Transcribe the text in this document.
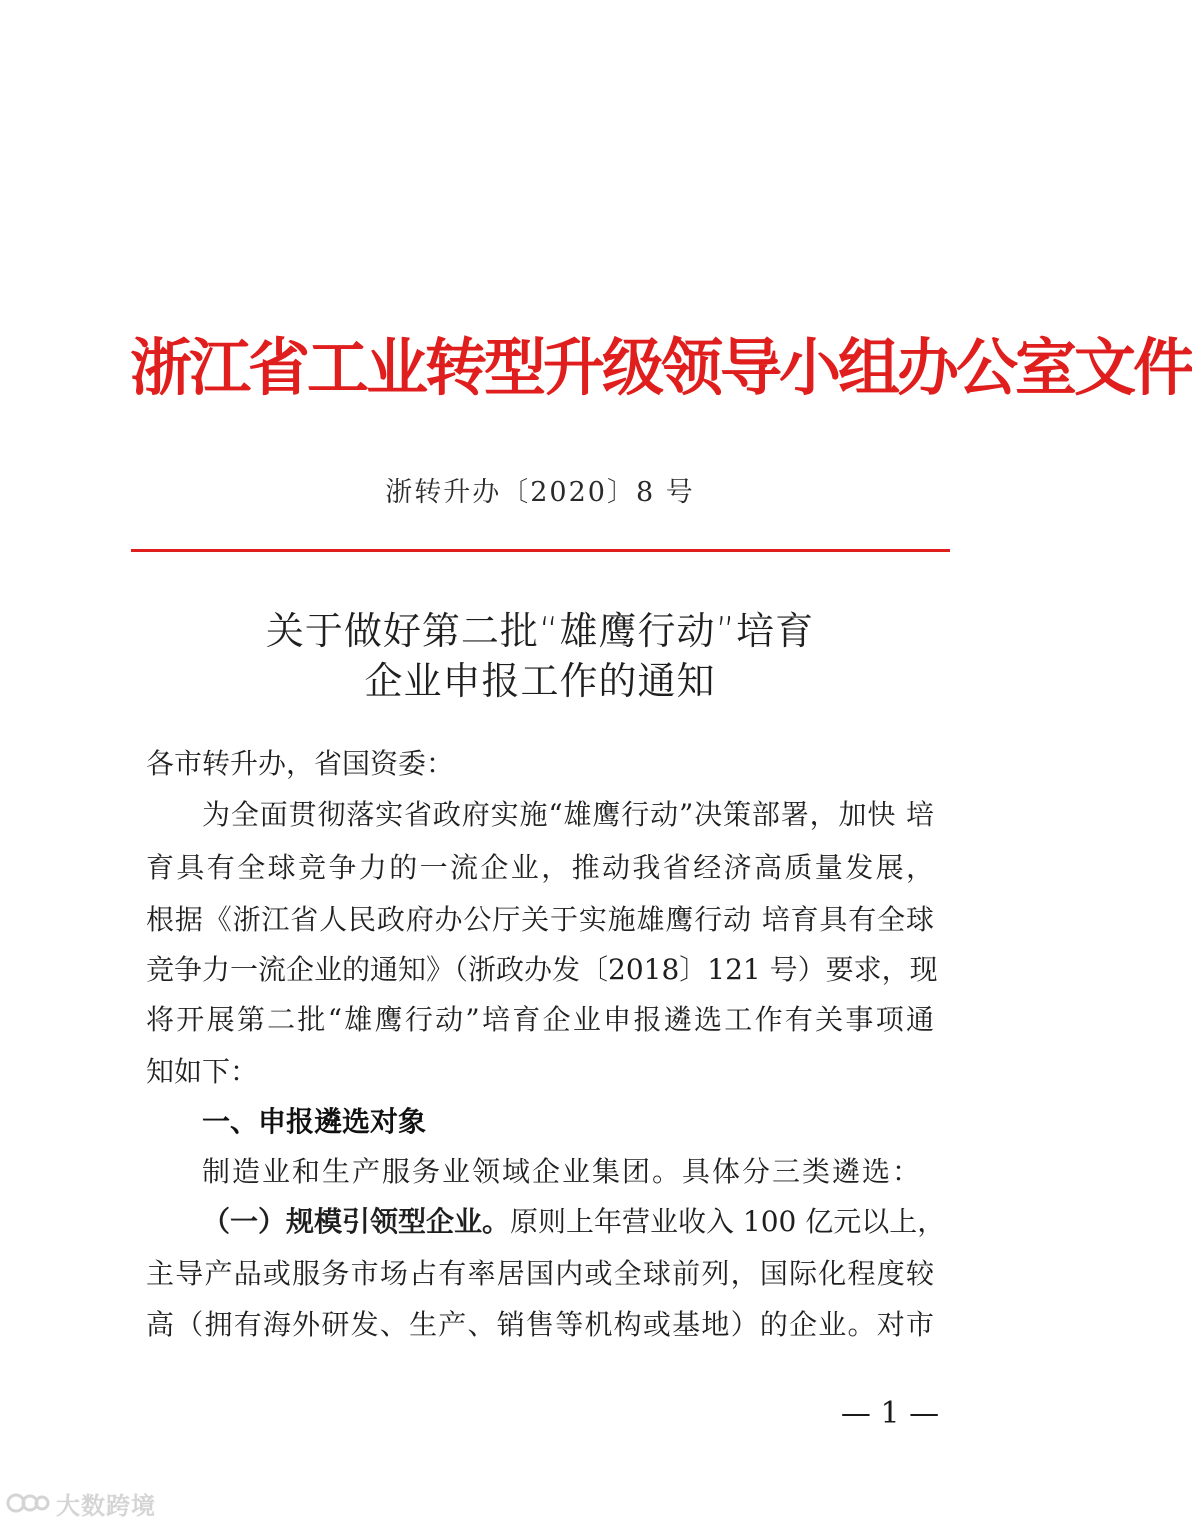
浙江省工业转型升级领导小组办公室文件
浙转升办〔2020〕8 号
关于做好第二批“雄鹰行动”培育
企业申报工作的通知
各市转升办，省国资委：
为全面贯彻落实省政府实施“雄鹰行动”决策部署，加快 培
育具有全球竞争力的一流企业，推动我省经济高质量发展，
根据《浙江省人民政府办公厅关于实施雄鹰行动 培育具有全球
竞争力一流企业的通知》（浙政办发〔2018〕121 号）要求，现
将开展第二批“雄鹰行动”培育企业申报遴选工作有关事项通
知如下：
一、申报遴选对象
制造业和生产服务业领域企业集团。具体分三类遴选：
（一）规模引领型企业。原则上年营业收入 100 亿元以上，
主导产品或服务市场占有率居国内或全球前列，国际化程度较
高（拥有海外研发、生产、销售等机构或基地）的企业。对市
— 1 —
大数跨境
